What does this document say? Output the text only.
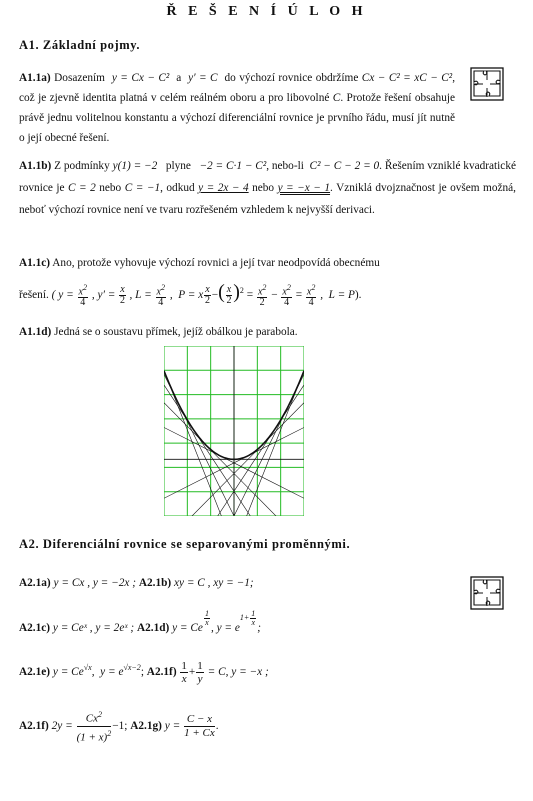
Ř E Š E N Í Ú L O H
A1. Základní pojmy.
A1.1a) Dosazením y = Cx − C² a y′ = C do výchozí rovnice obdržíme Cx − C² = xC − C², což je zjevně identita platná v celém reálném oboru a pro libovolné C. Protože řešení obsahuje právě jednu volitelnou konstantu a výchozí diferenciální rovnice je prvního řádu, musí jít nutně o její obecné řešení.
A1.1b) Z podmínky y(1) = −2 plyne −2 = C·1 − C², nebo-li C² − C − 2 = 0. Řešením vzniklé kvadratické rovnice je C = 2 nebo C = −1, odkud y = 2x − 4 nebo y = −x − 1. Vzniklá dvojznačnost je ovšem možná, neboť výchozí rovnice není ve tvaru rozřešeném vzhledem k nejvyšší derivaci.
A1.1c) Ano, protože vyhovuje výchozí rovnici a její tvar neodpovídá obecnému
řešení. ( $y = \frac{x^2}{4}$ , $y' = \frac{x}{2}$ , $L = \frac{x^2}{4}$ ,  P = x $\frac{x}{2}$ −( $\frac{x}{2} )^2 = \frac{x^2}{2} - \frac{x^2}{4} = \frac{x^2}{4}$ ,  L = P).
A1.1d) Jedná se o soustavu přímek, jejíž obálkou je parabola.
A2. Diferenciální rovnice se separovanými proměnnými.
A2.1a) y = Cx , y = −2x ; A2.1b) xy = C , xy = −1;
A2.1c) y = Ceˣ , y = 2eˣ ; A2.1d) y = Ce
$^{\frac{1}{x}}$
, $y = e^{1+ \frac{1}{x}}$
;
A2.1e) $y = Ce^{√x}$,  $y = e^{√x-2}$; $A2.1f) \frac{1}{x} + \frac{1}{y} = C$, y = −x ;
A2.1f) $2y = \frac{Cx^2}{(1 + x)^2} -1$; A2.1g) $y = \frac{C - x}{1 + Cx}$ .
